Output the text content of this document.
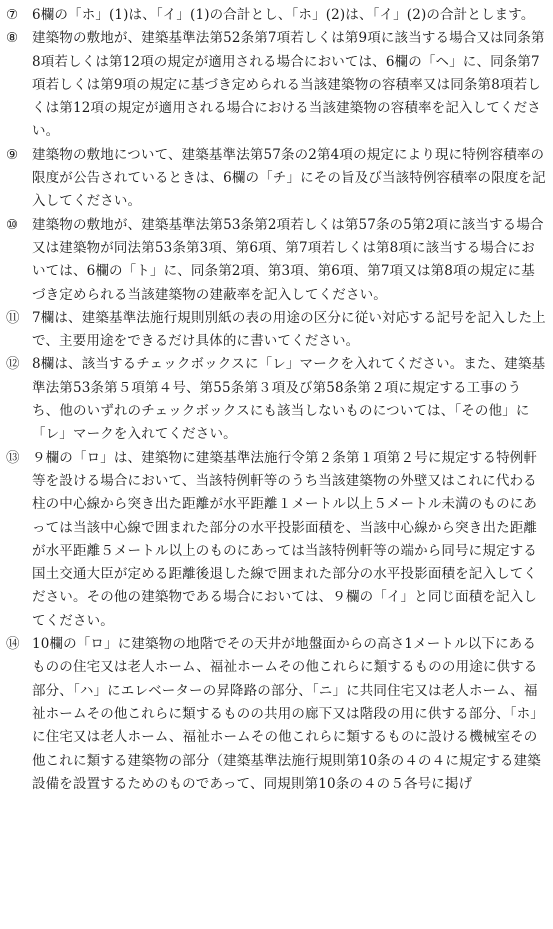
⑦	6欄の「ホ」(1)は、「イ」(1)の合計とし、「ホ」(2)は、「イ」(2)の合計とします。
⑧	建築物の敷地が、建築基準法第52条第7項若しくは第9項に該当する場合又は同条第8項若しくは第12項の規定が適用される場合においては、6欄の「ヘ」に、同条第7項若しくは第9項の規定に基づき定められる当該建築物の容積率又は同条第8項若しくは第12項の規定が適用される場合における当該建築物の容積率を記入してください。
⑨	建築物の敷地について、建築基準法第57条の2第4項の規定により現に特例容積率の限度が公告されているときは、6欄の「チ」にその旨及び当該特例容積率の限度を記入してください。
⑩	建築物の敷地が、建築基準法第53条第2項若しくは第57条の5第2項に該当する場合又は建築物が同法第53条第3項、第6項、第7項若しくは第8項に該当する場合においては、6欄の「ト」に、同条第2項、第3項、第6項、第7項又は第8項の規定に基づき定められる当該建築物の建蔽率を記入してください。
⑪ 7欄は、建築基準法施行規則別紙の表の用途の区分に従い対応する記号を記入した上で、主要用途をできるだけ具体的に書いてください。
⑫ 8欄は、該当するチェックボックスに「レ」マークを入れてください。また、建築基準法第53条第５項第４号、第55条第３項及び第58条第２項に規定する工事のうち、他のいずれのチェックボックスにも該当しないものについては、「その他」に「レ」マークを入れてください。
⑬ ９欄の「ロ」は、建築物に建築基準法施行令第２条第１項第２号に規定する特例軒等を設ける場合において、当該特例軒等のうち当該建築物の外壁又はこれに代わる柱の中心線から突き出た距離が水平距離１メートル以上５メートル未満のものにあっては当該中心線で囲まれた部分の水平投影面積を、当該中心線から突き出た距離が水平距離５メートル以上のものにあっては当該特例軒等の端から同号に規定する国土交通大臣が定める距離後退した線で囲まれた部分の水平投影面積を記入してください。その他の建築物である場合においては、９欄の「イ」と同じ面積を記入してください。
⑭ 10欄の「ロ」に建築物の地階でその天井が地盤面からの高さ1メートル以下にあるものの住宅又は老人ホーム、福祉ホームその他これらに類するものの用途に供する部分、「ハ」にエレベーターの昇降路の部分、「ニ」に共同住宅又は老人ホーム、福祉ホームその他これらに類するものの共用の廊下又は階段の用に供する部分、「ホ」に住宅又は老人ホーム、福祉ホームその他これらに類するものに設ける機械室その他これに類する建築物の部分（建築基準法施行規則第10条の４の４に規定する建築設備を設置するためのものであって、同規則第10条の４の５各号に掲げ
